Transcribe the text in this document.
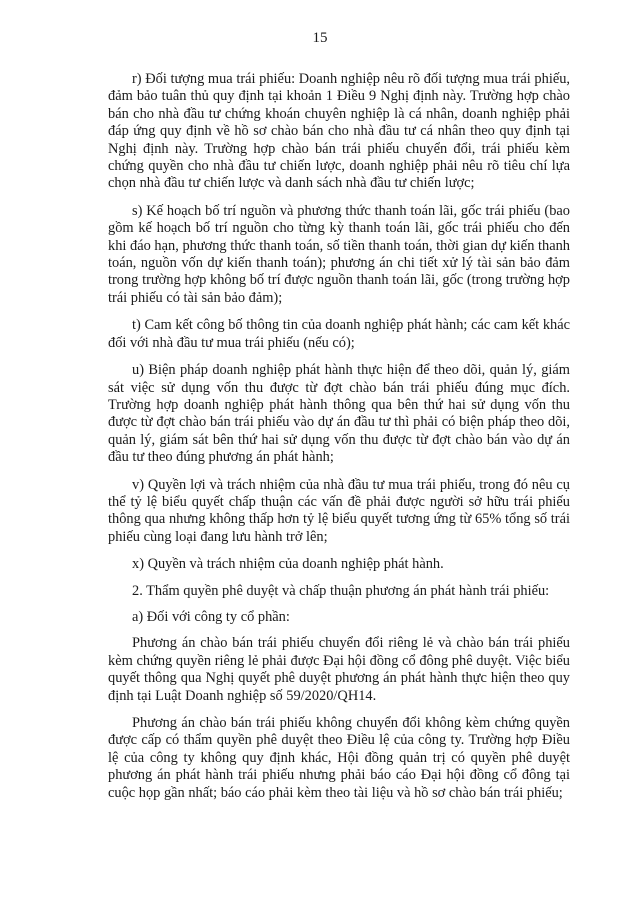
15

r) Đối tượng mua trái phiếu: Doanh nghiệp nêu rõ đối tượng mua trái phiếu, đảm bảo tuân thủ quy định tại khoản 1 Điều 9 Nghị định này. Trường hợp chào bán cho nhà đầu tư chứng khoán chuyên nghiệp là cá nhân, doanh nghiệp phải đáp ứng quy định về hồ sơ chào bán cho nhà đầu tư cá nhân theo quy định tại Nghị định này. Trường hợp chào bán trái phiếu chuyển đổi, trái phiếu kèm chứng quyền cho nhà đầu tư chiến lược, doanh nghiệp phải nêu rõ tiêu chí lựa chọn nhà đầu tư chiến lược và danh sách nhà đầu tư chiến lược;

s) Kế hoạch bố trí nguồn và phương thức thanh toán lãi, gốc trái phiếu (bao gồm kế hoạch bố trí nguồn cho từng kỳ thanh toán lãi, gốc trái phiếu cho đến khi đáo hạn, phương thức thanh toán, số tiền thanh toán, thời gian dự kiến thanh toán, nguồn vốn dự kiến thanh toán); phương án chi tiết xử lý tài sản bảo đảm trong trường hợp không bố trí được nguồn thanh toán lãi, gốc (trong trường hợp trái phiếu có tài sản bảo đảm);

t) Cam kết công bố thông tin của doanh nghiệp phát hành; các cam kết khác đối với nhà đầu tư mua trái phiếu (nếu có);

u) Biện pháp doanh nghiệp phát hành thực hiện để theo dõi, quản lý, giám sát việc sử dụng vốn thu được từ đợt chào bán trái phiếu đúng mục đích. Trường hợp doanh nghiệp phát hành thông qua bên thứ hai sử dụng vốn thu được từ đợt chào bán trái phiếu vào dự án đầu tư thì phải có biện pháp theo dõi, quản lý, giám sát bên thứ hai sử dụng vốn thu được từ đợt chào bán vào dự án đầu tư theo đúng phương án phát hành;

v) Quyền lợi và trách nhiệm của nhà đầu tư mua trái phiếu, trong đó nêu cụ thể tỷ lệ biểu quyết chấp thuận các vấn đề phải được người sở hữu trái phiếu thông qua nhưng không thấp hơn tỷ lệ biểu quyết tương ứng từ 65% tổng số trái phiếu cùng loại đang lưu hành trở lên;

x) Quyền và trách nhiệm của doanh nghiệp phát hành.

2. Thẩm quyền phê duyệt và chấp thuận phương án phát hành trái phiếu:

a) Đối với công ty cổ phần:

Phương án chào bán trái phiếu chuyển đổi riêng lẻ và chào bán trái phiếu kèm chứng quyền riêng lẻ phải được Đại hội đồng cổ đông phê duyệt. Việc biểu quyết thông qua Nghị quyết phê duyệt phương án phát hành thực hiện theo quy định tại Luật Doanh nghiệp số 59/2020/QH14.

Phương án chào bán trái phiếu không chuyển đổi không kèm chứng quyền được cấp có thẩm quyền phê duyệt theo Điều lệ của công ty. Trường hợp Điều lệ của công ty không quy định khác, Hội đồng quản trị có quyền phê duyệt phương án phát hành trái phiếu nhưng phải báo cáo Đại hội đồng cổ đông tại cuộc họp gần nhất; báo cáo phải kèm theo tài liệu và hồ sơ chào bán trái phiếu;
